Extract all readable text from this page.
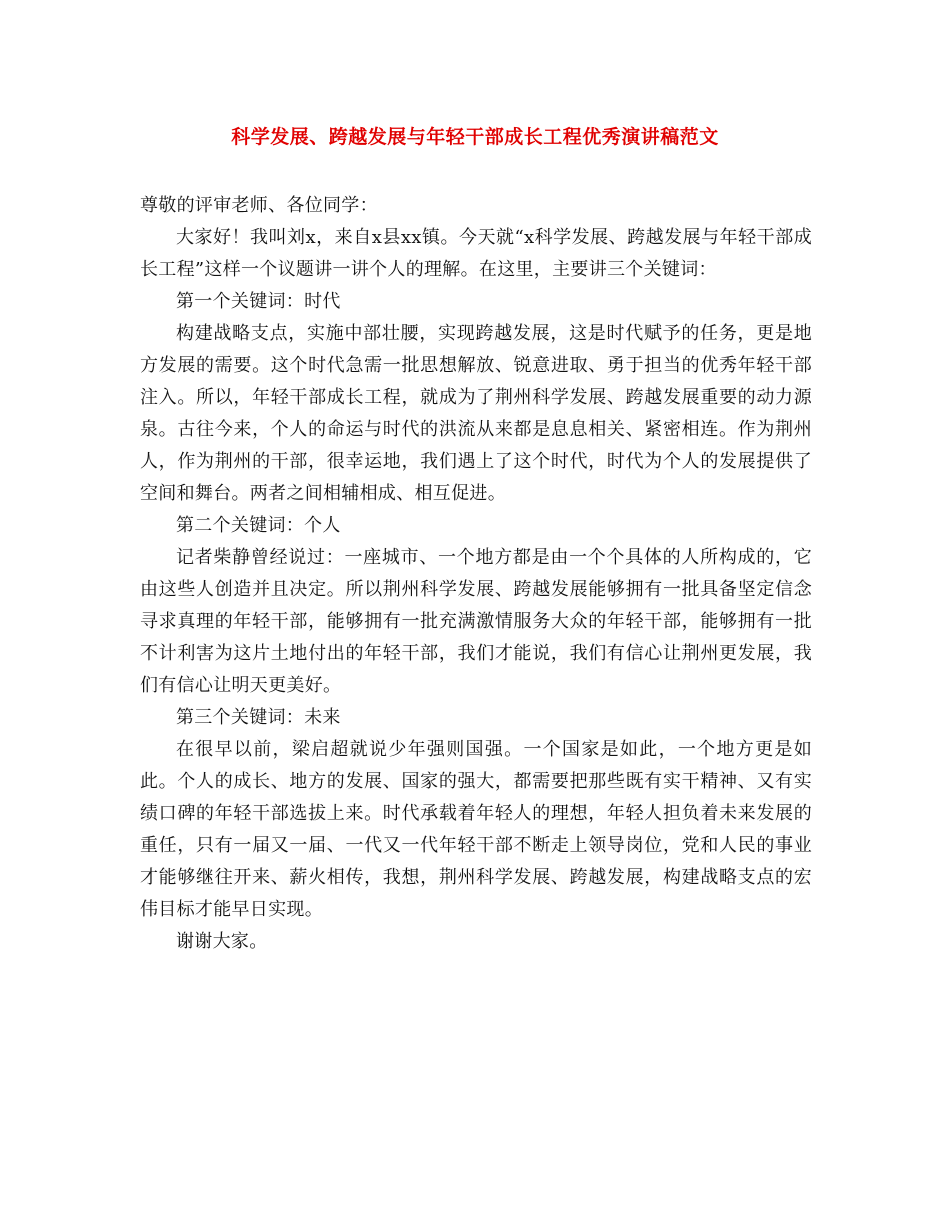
科学发展、跨越发展与年轻干部成长工程优秀演讲稿范文

尊敬的评审老师、各位同学：

大家好！我叫刘x，来自x县xx镇。今天就“x科学发展、跨越发展与年轻干部成长工程”这样一个议题讲一讲个人的理解。在这里，主要讲三个关键词：

第一个关键词：时代

构建战略支点，实施中部壮腰，实现跨越发展，这是时代赋予的任务，更是地方发展的需要。这个时代急需一批思想解放、锐意进取、勇于担当的优秀年轻干部注入。所以，年轻干部成长工程，就成为了荆州科学发展、跨越发展重要的动力源泉。古往今来，个人的命运与时代的洪流从来都是息息相关、紧密相连。作为荆州人，作为荆州的干部，很幸运地，我们遇上了这个时代，时代为个人的发展提供了空间和舞台。两者之间相辅相成、相互促进。

第二个关键词：个人

记者柴静曾经说过：一座城市、一个地方都是由一个个具体的人所构成的，它由这些人创造并且决定。所以荆州科学发展、跨越发展能够拥有一批具备坚定信念寻求真理的年轻干部，能够拥有一批充满激情服务大众的年轻干部，能够拥有一批不计利害为这片土地付出的年轻干部，我们才能说，我们有信心让荆州更发展，我们有信心让明天更美好。

第三个关键词：未来

在很早以前，梁启超就说少年强则国强。一个国家是如此，一个地方更是如此。个人的成长、地方的发展、国家的强大，都需要把那些既有实干精神、又有实绩口碑的年轻干部选拔上来。时代承载着年轻人的理想，年轻人担负着未来发展的重任，只有一届又一届、一代又一代年轻干部不断走上领导岗位，党和人民的事业才能够继往开来、薪火相传，我想，荆州科学发展、跨越发展，构建战略支点的宏伟目标才能早日实现。

谢谢大家。
